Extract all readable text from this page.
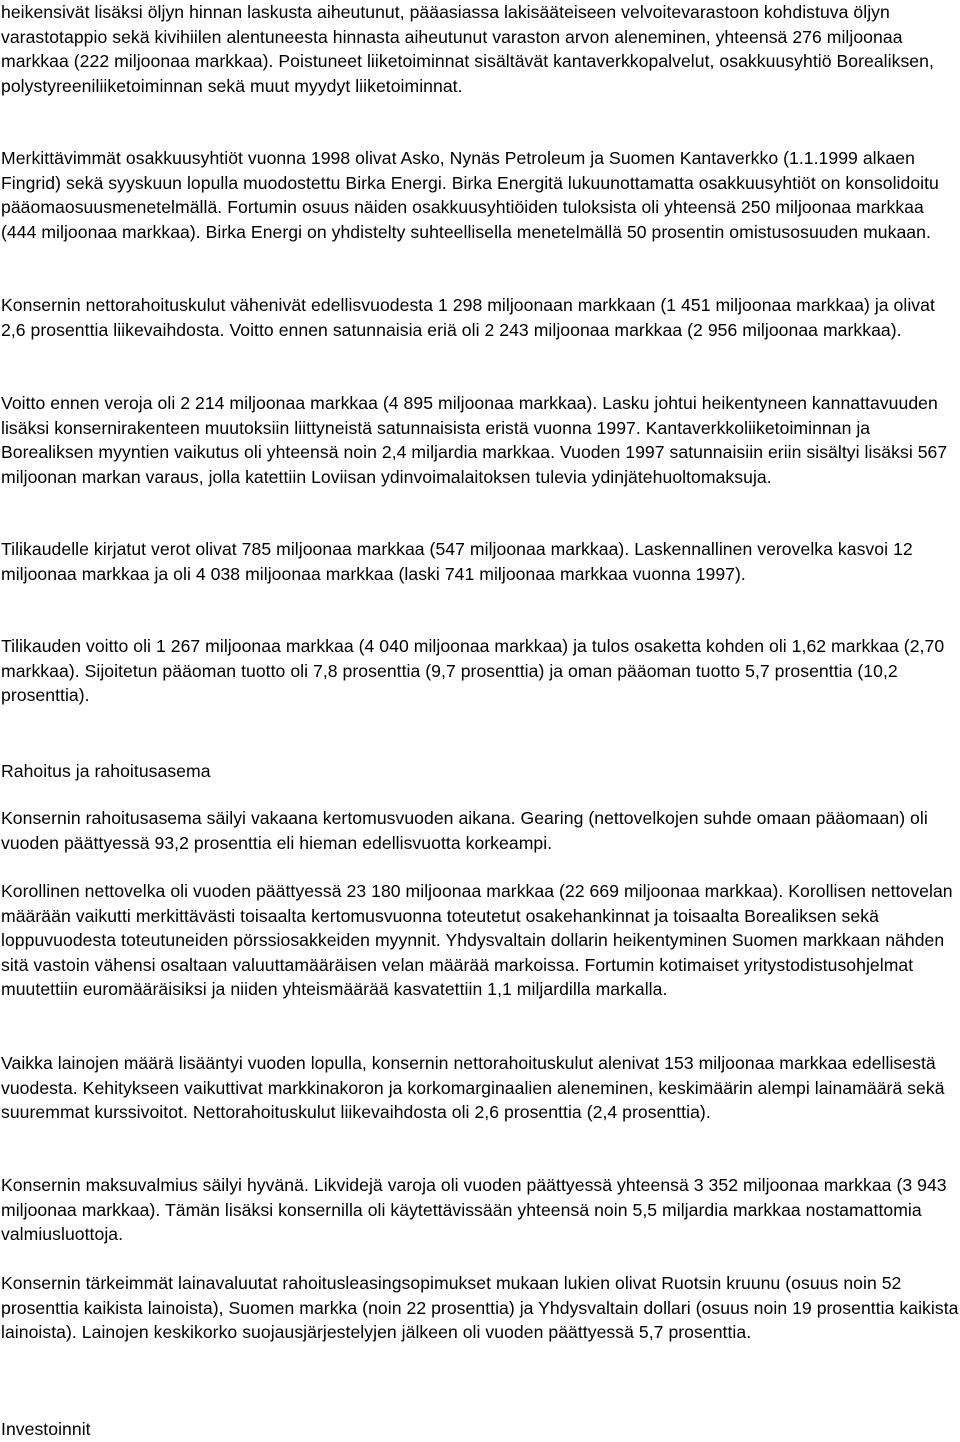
heikensivät lisäksi öljyn hinnan laskusta aiheutunut, pääasiassa lakisääteiseen velvoitevarastoon kohdistuva öljyn varastotappio sekä kivihiilen alentuneesta hinnasta aiheutunut varaston arvon aleneminen, yhteensä 276 miljoonaa markkaa (222 miljoonaa markkaa). Poistuneet liiketoiminnat sisältävät kantaverkkopalvelut, osakkuusyhtiö Borealiksen, polystyreeniliiketoiminnan sekä muut myydyt liiketoiminnat.

Merkittävimmät osakkuusyhtiöt vuonna 1998 olivat Asko, Nynäs Petroleum ja Suomen Kantaverkko (1.1.1999 alkaen Fingrid) sekä syyskuun lopulla muodostettu Birka Energi. Birka Energitä lukuunottamatta osakkuusyhtiöt on konsolidoitu pääomaosuusmenetelmällä. Fortumin osuus näiden osakkuusyhtiöiden tuloksista oli yhteensä 250 miljoonaa markkaa (444 miljoonaa markkaa). Birka Energi on yhdistelty suhteellisella menetelmällä 50 prosentin omistusosuuden mukaan.

Konsernin nettorahoituskulut vähenivät edellisvuodesta 1 298 miljoonaan markkaan (1 451 miljoonaa markkaa) ja olivat 2,6 prosenttia liikevaihdosta. Voitto ennen satunnaisia eriä oli 2 243 miljoonaa markkaa (2 956 miljoonaa markkaa).

Voitto ennen veroja oli 2 214 miljoonaa markkaa (4 895 miljoonaa markkaa). Lasku johtui heikentyneen kannattavuuden lisäksi konsernirakenteen muutoksiin liittyneistä satunnaisista eristä vuonna 1997. Kantaverkkoliiketoiminnan ja Borealiksen myyntien vaikutus oli yhteensä noin 2,4 miljardia markkaa. Vuoden 1997 satunnaisiin eriin sisältyi lisäksi 567 miljoonan markan varaus, jolla katettiin Loviisan ydinvoimalaitoksen tulevia ydinjätehuoltomaksuja.

Tilikaudelle kirjatut verot olivat 785 miljoonaa markkaa (547 miljoonaa markkaa). Laskennallinen verovelka kasvoi 12 miljoonaa markkaa ja oli 4 038 miljoonaa markkaa (laski 741 miljoonaa markkaa vuonna 1997).

Tilikauden voitto oli 1 267 miljoonaa markkaa (4 040 miljoonaa markkaa) ja tulos osaketta kohden oli 1,62 markkaa (2,70 markkaa). Sijoitetun pääoman tuotto oli 7,8 prosenttia (9,7 prosenttia) ja oman pääoman tuotto 5,7 prosenttia (10,2 prosenttia).

Rahoitus ja rahoitusasema

Konsernin rahoitusasema säilyi vakaana kertomusvuoden aikana. Gearing (nettovelkojen suhde omaan pääomaan) oli vuoden päättyessä 93,2 prosenttia eli hieman edellisvuotta korkeampi.

Korollinen nettovelka oli vuoden päättyessä 23 180 miljoonaa markkaa (22 669 miljoonaa markkaa). Korollisen nettovelan määrään vaikutti merkittävästi toisaalta kertomusvuonna toteutetut osakehankinnat ja toisaalta Borealiksen sekä loppuvuodesta toteutuneiden pörssiosakkeiden myynnit. Yhdysvaltain dollarin heikentyminen Suomen markkaan nähden sitä vastoin vähensi osaltaan valuuttamääräisen velan määrää markoissa. Fortumin kotimaiset yritystodistusohjelmat muutettiin euromääräisiksi ja niiden yhteismäärää kasvatettiin 1,1 miljardilla markalla.

Vaikka lainojen määrä lisääntyi vuoden lopulla, konsernin nettorahoituskulut alenivat 153 miljoonaa markkaa edellisestä vuodesta. Kehitykseen vaikuttivat markkinakoron ja korkomarginaalien aleneminen, keskimäärin alempi lainamäärä sekä suuremmat kurssivoitot. Nettorahoituskulut liikevaihdosta oli 2,6 prosenttia (2,4 prosenttia).

Konsernin maksuvalmius säilyi hyvänä. Likvidejä varoja oli vuoden päättyessä yhteensä 3 352 miljoonaa markkaa (3 943 miljoonaa markkaa). Tämän lisäksi konsernilla oli käytettävissään yhteensä noin 5,5 miljardia markkaa nostamattomia valmiusluottoja.

Konsernin tärkeimmät lainavaluutat rahoitusleasingsopimukset mukaan lukien olivat Ruotsin kruunu (osuus noin 52 prosenttia kaikista lainoista), Suomen markka (noin 22 prosenttia) ja Yhdysvaltain dollari (osuus noin 19 prosenttia kaikista lainoista). Lainojen keskikorko suojausjärjestelyjen jälkeen oli vuoden päättyessä 5,7 prosenttia.

Investoinnit
